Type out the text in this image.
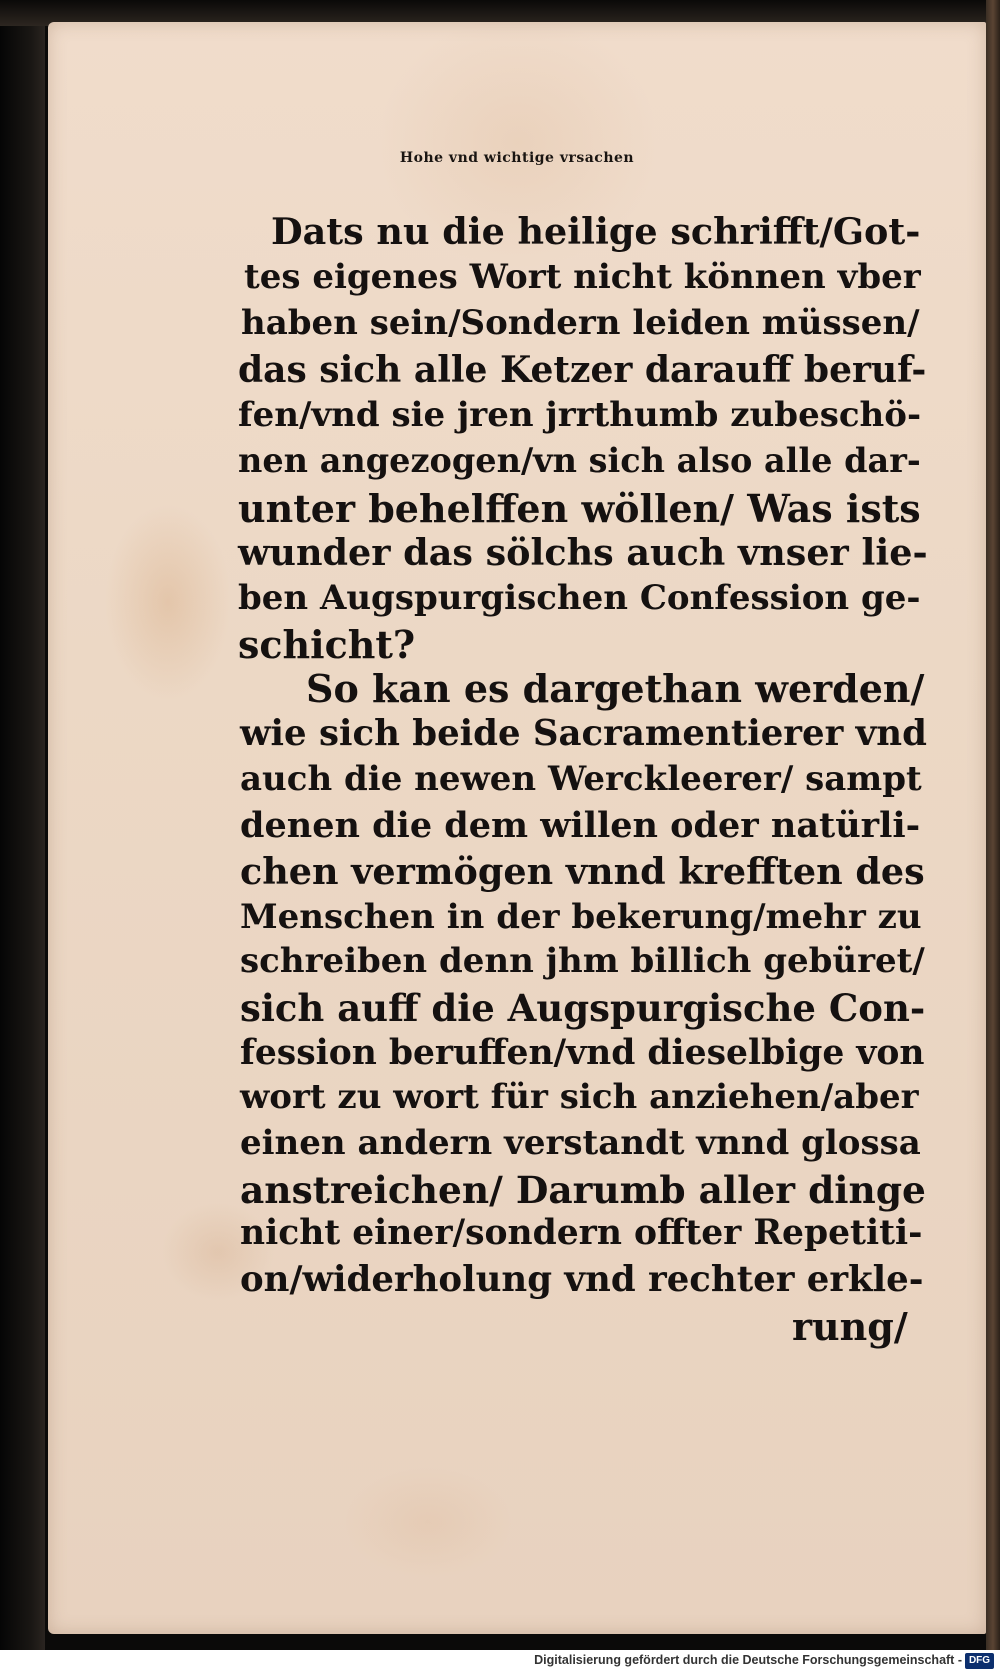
Hohe vnd wichtige vrsachen
Dats nu die heilige schrifft/Got-
tes eigenes Wort nicht können vber
haben sein/Sondern leiden müssen/
das sich alle Ketzer darauff beruf-
fen/vnd sie jren jrrthumb zubeschö-
nen angezogen/vn sich also alle dar-
unter behelffen wöllen/ Was ists
wunder das sölchs auch vnser lie-
ben Augspurgischen Confession ge-
schicht?
So kan es dargethan werden/
wie sich beide Sacramentierer vnd
auch die newen Werckleerer/ sampt
denen die dem willen oder natürli-
chen vermögen vnnd krefften des
Menschen in der bekerung/mehr zu
schreiben denn jhm billich gebüret/
sich auff die Augspurgische Con-
fession beruffen/vnd dieselbige von
wort zu wort für sich anziehen/aber
einen andern verstandt vnnd glossa
anstreichen/ Darumb aller dinge
nicht einer/sondern offter Repetiti-
on/widerholung vnd rechter erkle-
rung/
Digitalisierung gefördert durch die Deutsche Forschungsgemeinschaft - DFG
